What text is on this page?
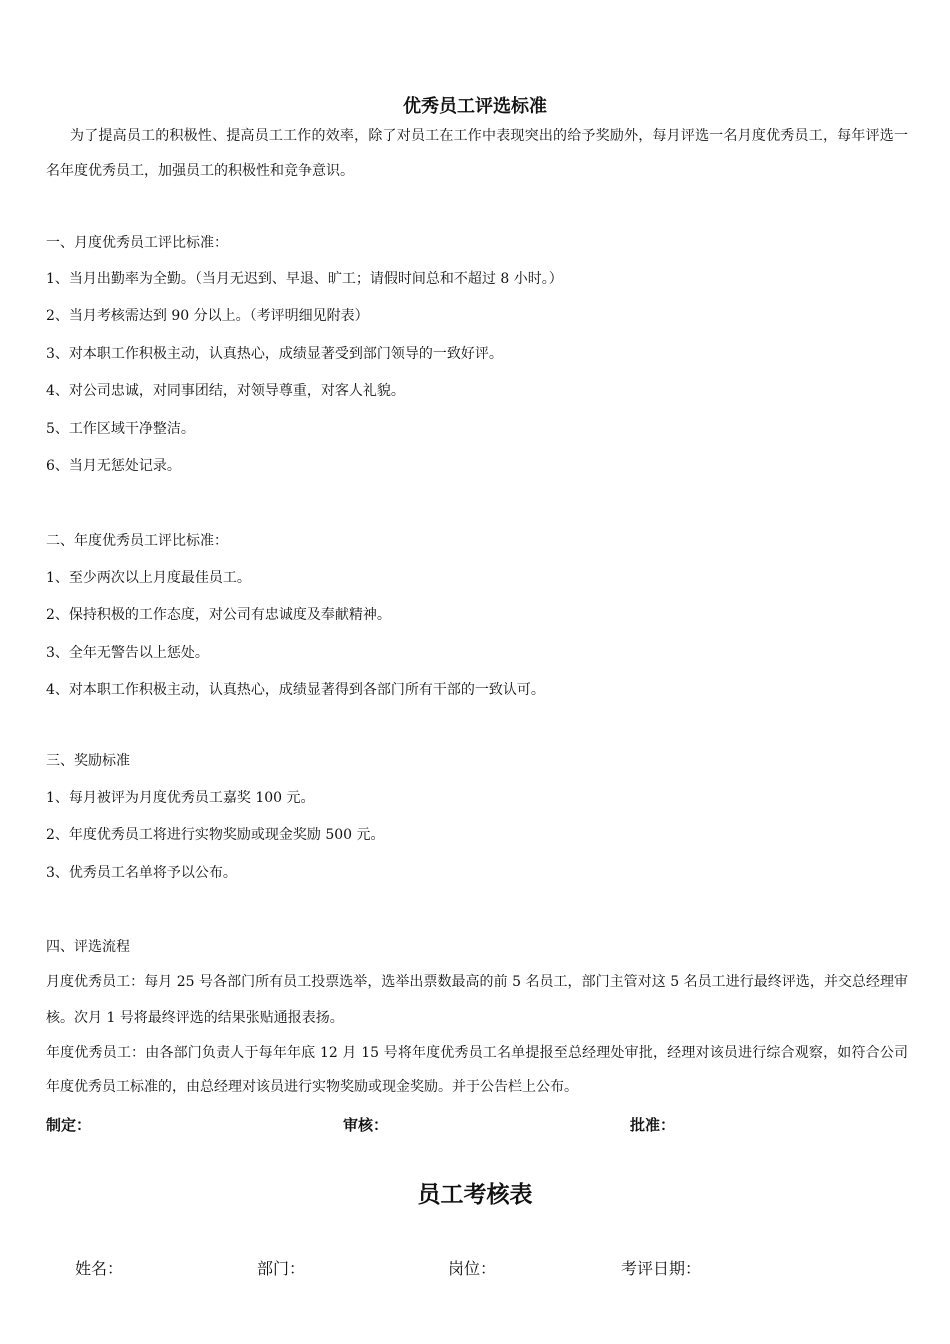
优秀员工评选标准
为了提高员工的积极性、提高员工工作的效率，除了对员工在工作中表现突出的给予奖励外，每月评选一名月度优秀员工，每年评选一名年度优秀员工，加强员工的积极性和竞争意识。
一、月度优秀员工评比标准：
1、当月出勤率为全勤。（当月无迟到、早退、旷工；请假时间总和不超过 8 小时。）
2、当月考核需达到 90 分以上。（考评明细见附表）
3、对本职工作积极主动，认真热心，成绩显著受到部门领导的一致好评。
4、对公司忠诚，对同事团结，对领导尊重，对客人礼貌。
5、工作区域干净整洁。
6、当月无惩处记录。
二、年度优秀员工评比标准：
1、至少两次以上月度最佳员工。
2、保持积极的工作态度，对公司有忠诚度及奉献精神。
3、全年无警告以上惩处。
4、对本职工作积极主动，认真热心，成绩显著得到各部门所有干部的一致认可。
三、奖励标准
1、每月被评为月度优秀员工嘉奖 100 元。
2、年度优秀员工将进行实物奖励或现金奖励 500 元。
3、优秀员工名单将予以公布。
四、评选流程
月度优秀员工：每月 25 号各部门所有员工投票选举，选举出票数最高的前 5 名员工，部门主管对这 5 名员工进行最终评选，并交总经理审核。次月 1 号将最终评选的结果张贴通报表扬。
年度优秀员工：由各部门负责人于每年年底 12 月 15 号将年度优秀员工名单提报至总经理处审批，经理对该员进行综合观察，如符合公司年度优秀员工标准的，由总经理对该员进行实物奖励或现金奖励。并于公告栏上公布。
制定：	审核：	批准：
员工考核表
姓名：	部门：	岗位：	考评日期：
